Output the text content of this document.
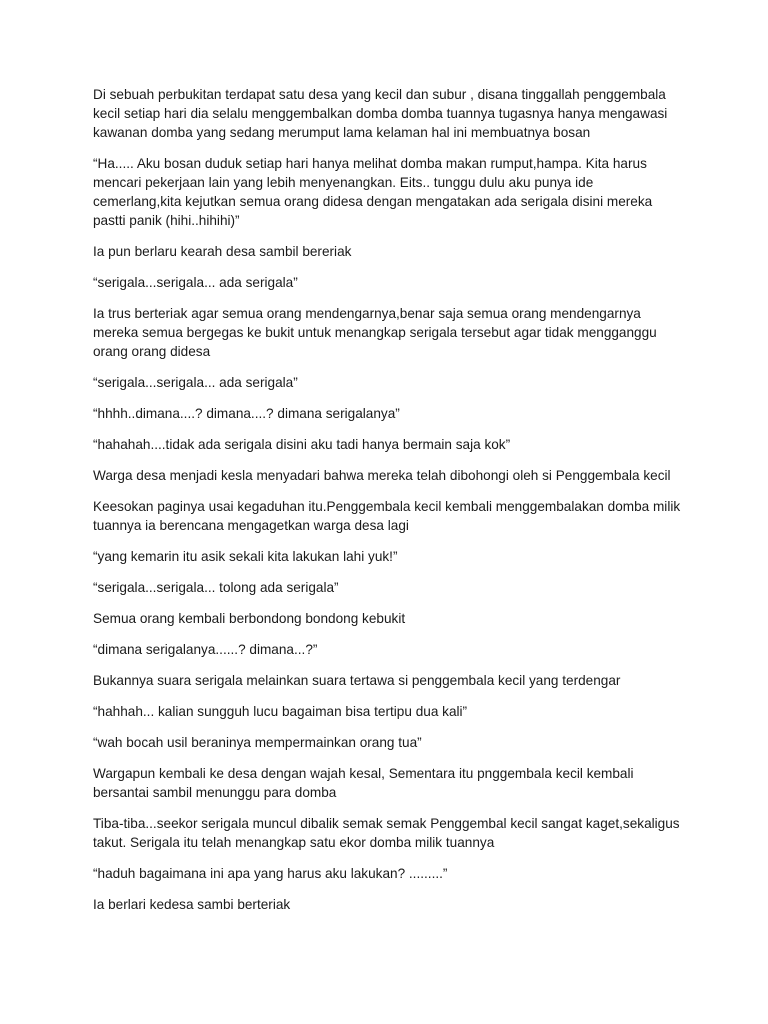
Di sebuah perbukitan terdapat satu desa yang kecil dan subur , disana tinggallah penggembala kecil setiap hari dia selalu menggembalkan domba domba tuannya tugasnya hanya mengawasi kawanan domba yang sedang merumput lama kelaman hal ini membuatnya bosan

“Ha..... Aku bosan duduk setiap hari hanya melihat domba makan rumput,hampa. Kita harus mencari pekerjaan lain yang lebih menyenangkan. Eits.. tunggu dulu aku punya ide cemerlang,kita kejutkan semua orang didesa dengan mengatakan ada serigala disini mereka pastti panik (hihi..hihihi)”

Ia pun berlaru kearah desa sambil bereriak

“serigala...serigala... ada serigala”

Ia trus berteriak agar semua orang mendengarnya,benar saja semua orang mendengarnya mereka semua bergegas ke bukit untuk menangkap serigala tersebut agar tidak mengganggu orang orang didesa

“serigala...serigala... ada serigala”

“hhhh..dimana....? dimana....? dimana serigalanya”

“hahahah....tidak ada serigala disini aku tadi hanya bermain saja kok”

Warga desa menjadi kesla menyadari bahwa mereka telah dibohongi oleh si Penggembala kecil

Keesokan paginya usai kegaduhan itu.Penggembala kecil kembali menggembalakan domba milik tuannya ia berencana mengagetkan warga desa lagi

“yang kemarin itu asik sekali kita lakukan lahi yuk!”

“serigala...serigala... tolong ada serigala”

Semua orang kembali berbondong bondong kebukit

“dimana serigalanya......? dimana...?”

Bukannya suara serigala melainkan suara tertawa si penggembala kecil yang terdengar

“hahhah... kalian sungguh lucu bagaiman bisa tertipu dua kali”

“wah bocah usil beraninya mempermainkan orang tua”

Wargapun kembali ke desa dengan wajah kesal, Sementara itu pnggembala kecil kembali bersantai sambil menunggu para domba

Tiba-tiba...seekor serigala muncul dibalik semak semak Penggembal kecil sangat kaget,sekaligus takut. Serigala itu telah menangkap satu ekor domba milik tuannya

“haduh bagaimana ini apa yang harus aku lakukan? .........”

Ia berlari kedesa sambi berteriak
